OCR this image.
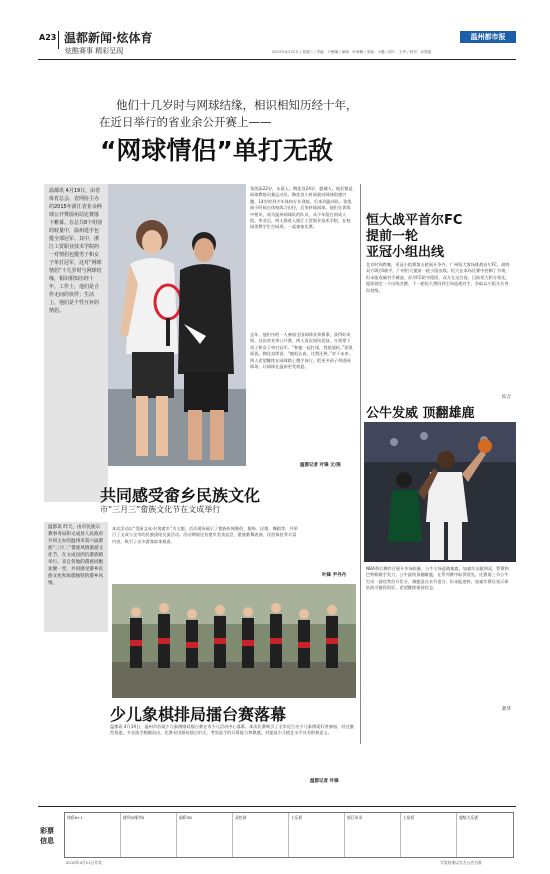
A23 温都新闻·炫体育
炫酷赛事 精彩呈现	2015年4月22日 / 星期三 / 责编：卢俊曦 / 编辑：叶海鹏 / 美编：小疆 / 照片：王华 / 校对：邓燕磊
温州都市报
他们十几岁时与网球结缘，相识相知历经十年，
在近日举行的省业余公开赛上——
“网球情侣”单打无敌
温都讯 4月19日，由省体育总会、省网协主办的2015年浙江省业余网球公开赛温州站比赛落下帷幕。在总共8个组别的较量中，温州选手包揽全部冠军。其中，浙江工贸职业技术学院的一对情侣包揽男子和女子单打冠军，这对“网球情侣”十几岁时与网球结缘，相识相知历经十年。工作上，他们是合作无间的伙伴；生活上，他们是个性互补的情侣。
张凯丽22岁，永嘉人。陶佳良24岁，鹿城人。他们都是网球教练员兼运动员。陶佳良小时候就对网球很感兴趣，14岁时到少年体校专业训练，后来到温州队。张凯丽小时候在体校练习田径，后来转练网球。他们在训练中相识，同为温州网球队的队员，从少年组打到成人组。毕业后，两人都进入浙江工贸职业技术学院，在校园里教学生打网球，一起参加比赛。
去年，他们中的一人参加全国网球业余赛事，获得好成绩。这次省业余公开赛，两人再次同场竞技，分别拿下男子和女子单打冠军。“和他一起打球，我很放松。”张凯丽说。陶佳良则说：“她很认真，比我还拼。”对于未来，两人希望继续在网球路上携手前行，把更多孩子带进网球场，让网球在温州更受欢迎。
温都记者 叶锋 文/图
恒大战平首尔FC
提前一轮
亚冠小组出线
北京时间昨晚，亚冠小组赛第五轮展开争夺，广州恒大客场挑战首尔FC，最终双方0比0战平，广州恒大提前一轮小组出线。恒大在本场比赛中控制了节奏，但未能攻破对手城池。首尔FC防守稳固，双方互交白卷。目前恒大积分领先，提前锁定一个出线名额。下一轮恒大将回到主场迎战对手，争取以小组头名身份晋级。
综合
公牛发威 顶翻雄鹿
NBA季后赛昨日展开多场较量，公牛主场迎战雄鹿。加索尔贡献两双，罗斯和巴特勒联手发力，公牛最终顶翻雄鹿，在系列赛中取得领先。比赛第三节公牛打出一波攻势拉开比分，雄鹿虽在末节追分，但未能逆转。加索尔赛后表示球队防守做得很好，希望继续保持状态。
新华
共同感受畲乡民族文化
市“三月三”畲族文化节在文成举行
温都讯 昨天，由市民族宗教事务局和文成县人民政府共同主办的温州市第六届畲族“三月三”畲族风情旅游文化节，在文成县西坑畲族镇举行。来自各地的畲族同胞欢聚一堂，共同感受畲乡民族文化和浓郁独特的畲乡风情。
本次活动以“美丽文成·好客畲乡”为主题，活动现场展示了畲族传统婚俗、服饰、民歌、舞蹈等，并举行了文成与全市的民族团结交流活动。活动期间还有畲乡美食品尝、畲族歌舞表演、民俗体验等丰富内容，吸引了众多游客前来观看。
叶锋 尹丹丹
少儿象棋排局擂台赛落幕
温都讯 4月19日，温州市首届少儿象棋排局擂台赛在市少儿活动中心落幕。本次比赛吸引了全市近百名少儿象棋爱好者参加，经过激烈角逐，多名选手脱颖而出。比赛采用排局擂台形式，考验选手的计算能力和棋感，对提高少儿棋艺水平具有积极意义。
温都记者 叶锋
彩票
信息
体彩6+1	排列3/排列5	福彩3D	双色球	七乐彩	浙江风采	七星彩	超级大乐透
2015年4月21日开奖	开奖结果以官方公告为准
